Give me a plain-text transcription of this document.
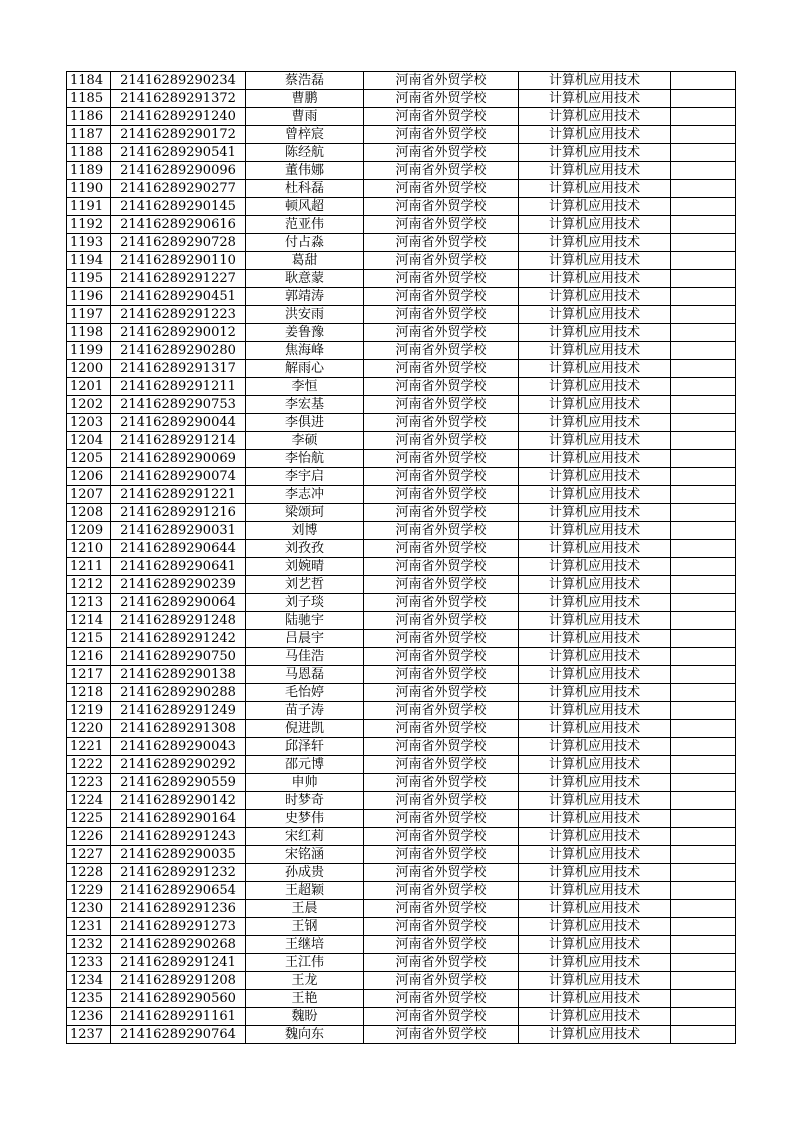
1184	21416289290234	蔡浩磊	河南省外贸学校	计算机应用技术	
1185	21416289291372	曹鹏	河南省外贸学校	计算机应用技术	
1186	21416289291240	曹雨	河南省外贸学校	计算机应用技术	
1187	21416289290172	曾梓宸	河南省外贸学校	计算机应用技术	
1188	21416289290541	陈经航	河南省外贸学校	计算机应用技术	
1189	21416289290096	董伟娜	河南省外贸学校	计算机应用技术	
1190	21416289290277	杜科磊	河南省外贸学校	计算机应用技术	
1191	21416289290145	顿风超	河南省外贸学校	计算机应用技术	
1192	21416289290616	范亚伟	河南省外贸学校	计算机应用技术	
1193	21416289290728	付占淼	河南省外贸学校	计算机应用技术	
1194	21416289290110	葛甜	河南省外贸学校	计算机应用技术	
1195	21416289291227	耿意蒙	河南省外贸学校	计算机应用技术	
1196	21416289290451	郭靖涛	河南省外贸学校	计算机应用技术	
1197	21416289291223	洪安雨	河南省外贸学校	计算机应用技术	
1198	21416289290012	姜鲁豫	河南省外贸学校	计算机应用技术	
1199	21416289290280	焦海峰	河南省外贸学校	计算机应用技术	
1200	21416289291317	解雨心	河南省外贸学校	计算机应用技术	
1201	21416289291211	李恒	河南省外贸学校	计算机应用技术	
1202	21416289290753	李宏基	河南省外贸学校	计算机应用技术	
1203	21416289290044	李俱进	河南省外贸学校	计算机应用技术	
1204	21416289291214	李硕	河南省外贸学校	计算机应用技术	
1205	21416289290069	李怡航	河南省外贸学校	计算机应用技术	
1206	21416289290074	李宇启	河南省外贸学校	计算机应用技术	
1207	21416289291221	李志冲	河南省外贸学校	计算机应用技术	
1208	21416289291216	梁颂珂	河南省外贸学校	计算机应用技术	
1209	21416289290031	刘博	河南省外贸学校	计算机应用技术	
1210	21416289290644	刘孜孜	河南省外贸学校	计算机应用技术	
1211	21416289290641	刘婉晴	河南省外贸学校	计算机应用技术	
1212	21416289290239	刘艺哲	河南省外贸学校	计算机应用技术	
1213	21416289290064	刘子琰	河南省外贸学校	计算机应用技术	
1214	21416289291248	陆驰宇	河南省外贸学校	计算机应用技术	
1215	21416289291242	吕晨宇	河南省外贸学校	计算机应用技术	
1216	21416289290750	马佳浩	河南省外贸学校	计算机应用技术	
1217	21416289290138	马恩磊	河南省外贸学校	计算机应用技术	
1218	21416289290288	毛怡婷	河南省外贸学校	计算机应用技术	
1219	21416289291249	苗子涛	河南省外贸学校	计算机应用技术	
1220	21416289291308	倪进凯	河南省外贸学校	计算机应用技术	
1221	21416289290043	邱泽轩	河南省外贸学校	计算机应用技术	
1222	21416289290292	邵元博	河南省外贸学校	计算机应用技术	
1223	21416289290559	申帅	河南省外贸学校	计算机应用技术	
1224	21416289290142	时梦奇	河南省外贸学校	计算机应用技术	
1225	21416289290164	史梦伟	河南省外贸学校	计算机应用技术	
1226	21416289291243	宋红莉	河南省外贸学校	计算机应用技术	
1227	21416289290035	宋铭涵	河南省外贸学校	计算机应用技术	
1228	21416289291232	孙成贵	河南省外贸学校	计算机应用技术	
1229	21416289290654	王超颖	河南省外贸学校	计算机应用技术	
1230	21416289291236	王晨	河南省外贸学校	计算机应用技术	
1231	21416289291273	王钢	河南省外贸学校	计算机应用技术	
1232	21416289290268	王继培	河南省外贸学校	计算机应用技术	
1233	21416289291241	王江伟	河南省外贸学校	计算机应用技术	
1234	21416289291208	王龙	河南省外贸学校	计算机应用技术	
1235	21416289290560	王艳	河南省外贸学校	计算机应用技术	
1236	21416289291161	魏盼	河南省外贸学校	计算机应用技术	
1237	21416289290764	魏向东	河南省外贸学校	计算机应用技术	
